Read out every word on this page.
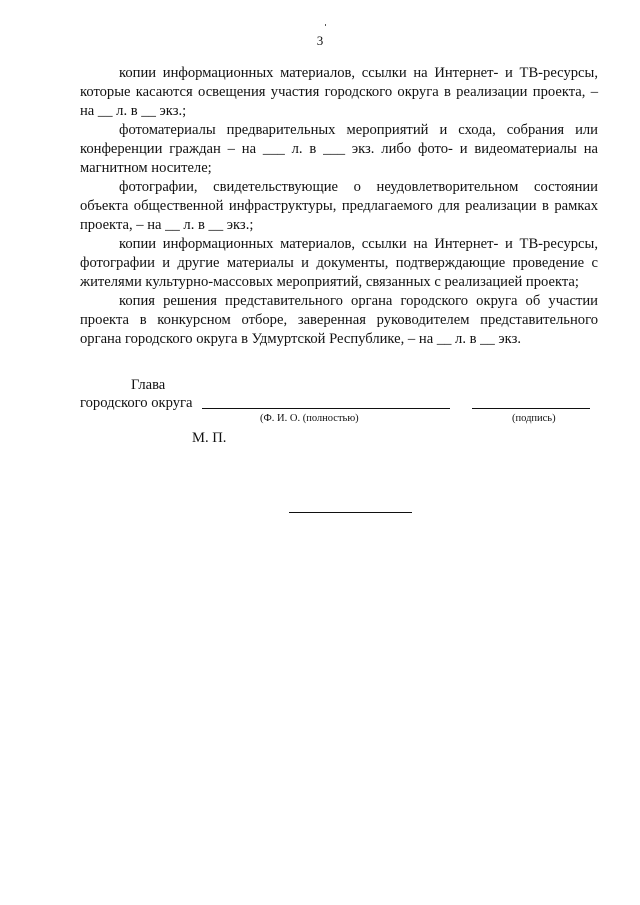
3

копии информационных материалов, ссылки на Интернет- и ТВ-ресурсы, которые касаются освещения участия городского округа в реализации проекта, – на __ л. в __ экз.;

фотоматериалы предварительных мероприятий и схода, собрания или конференции граждан – на ___ л. в ___ экз. либо фото- и видеоматериалы на магнитном носителе;

фотографии, свидетельствующие о неудовлетворительном состоянии объекта общественной инфраструктуры, предлагаемого для реализации в рамках проекта, – на __ л. в __ экз.;

копии информационных материалов, ссылки на Интернет- и ТВ-ресурсы, фотографии и другие материалы и документы, подтверждающие проведение с жителями культурно-массовых мероприятий, связанных с реализацией проекта;

копия решения представительного органа городского округа об участии проекта в конкурсном отборе, заверенная руководителем представительного органа городского округа в Удмуртской Республике, – на __ л. в __ экз.

Глава
городского округа
(Ф. И. О. (полностью)	(подпись)
М. П.
